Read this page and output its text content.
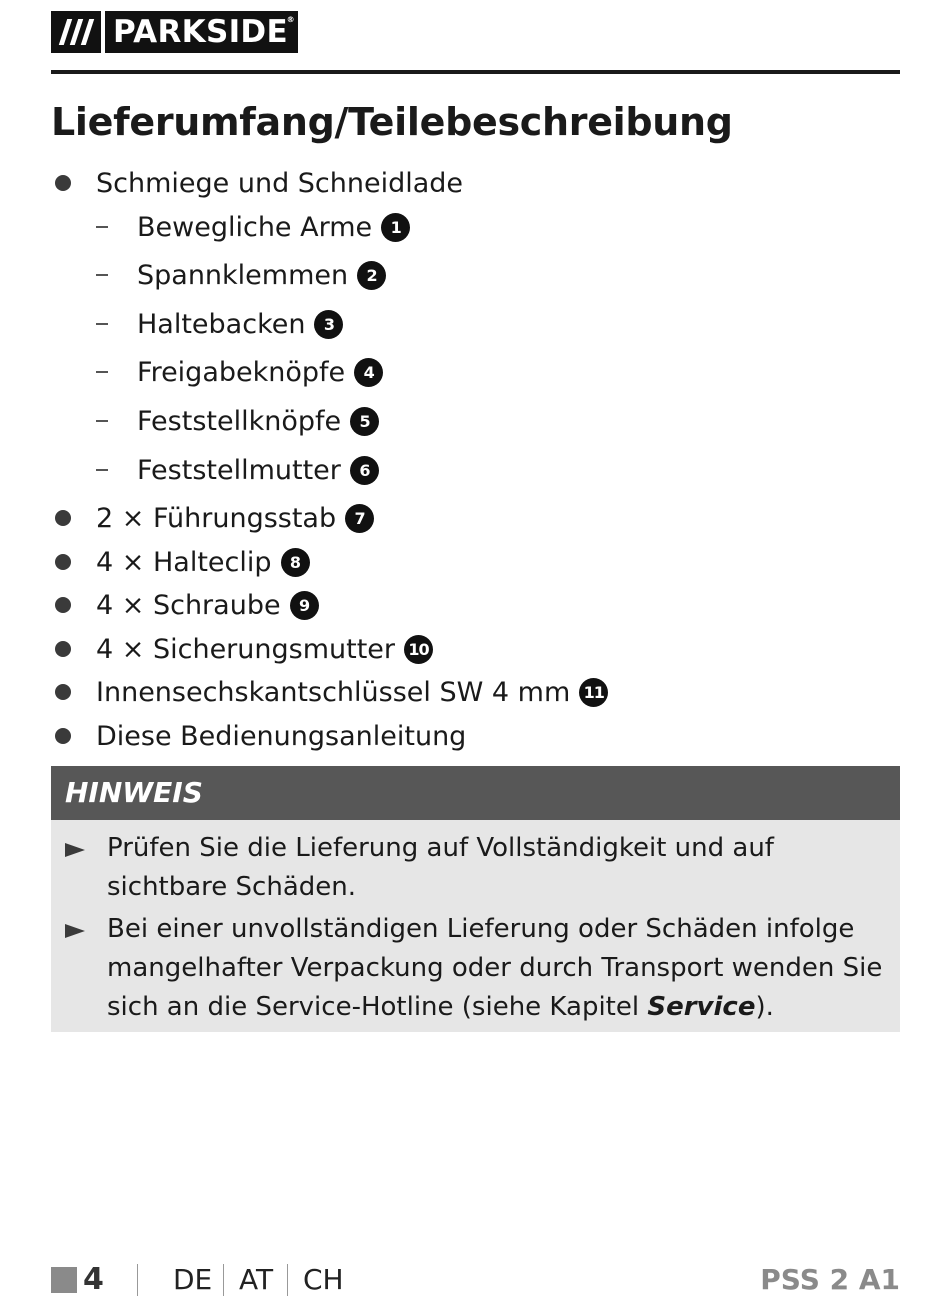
PARKSIDE
®
Lieferumfang/Teilebeschreibung
Schmiege und Schneidlade
Bewegliche Arme	1
Spannklemmen	2
Haltebacken	3
Freigabeknöpfe	4
Feststellknöpfe	5
Feststellmutter	6
2 × Führungsstab	7
4 × Halteclip	8
4 × Schraube	9
4 × Sicherungsmutter 10
Innensechskantschlüssel SW 4 mm 11
Diese Bedienungsanleitung
HINWEIS
Prüfen Sie die Lieferung auf Vollständigkeit und auf sichtbare Schäden.
Bei einer unvollständigen Lieferung oder Schäden infolge mangelhafter Verpackung oder durch Transport wenden Sie sich an die Service-Hotline (siehe Kapitel Service).
4 DE AT CH	PSS 2 A1
